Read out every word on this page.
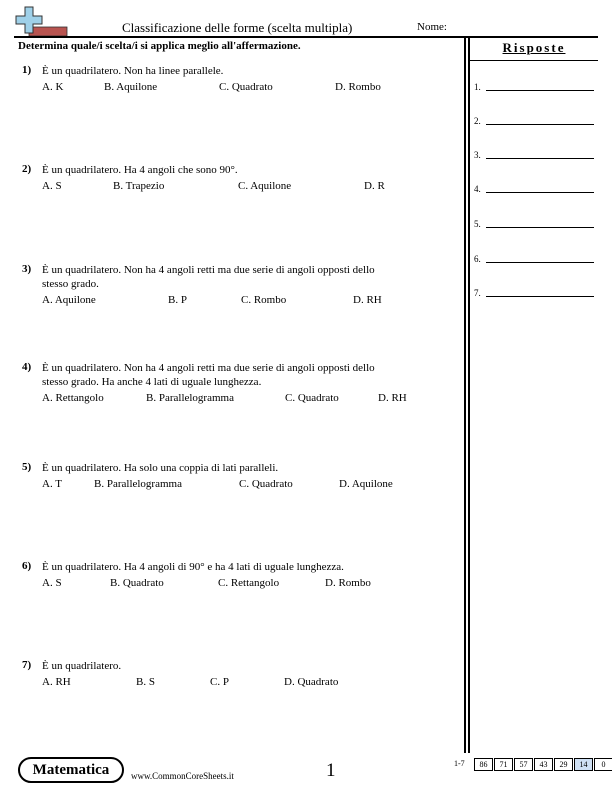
Classificazione delle forme (scelta multipla)	Nome:
Determina quale/i scelta/i si applica meglio all'affermazione.	Risposte
1.
2.
3.
4.
5.
6.
7.
1) È un quadrilatero. Non ha linee parallele.
A. K	B. Aquilone	C. Quadrato	D. Rombo
2) È un quadrilatero. Ha 4 angoli che sono 90°.
A. S	B. Trapezio	C. Aquilone	D. R
3) È un quadrilatero. Non ha 4 angoli retti ma due serie di angoli opposti dello
stesso grado.
A. Aquilone	B. P	C. Rombo	D. RH
4) È un quadrilatero. Non ha 4 angoli retti ma due serie di angoli opposti dello
stesso grado. Ha anche 4 lati di uguale lunghezza.
A. Rettangolo	B. Parallelogramma	C. Quadrato	D. RH
5) È un quadrilatero. Ha solo una coppia di lati paralleli.
A. T	B. Parallelogramma	C. Quadrato	D. Aquilone
6) È un quadrilatero. Ha 4 angoli di 90° e ha 4 lati di uguale lunghezza.
A. S	B. Quadrato	C. Rettangolo	D. Rombo
7) È un quadrilatero.
A. RH	B. S	C. P	D. Quadrato
Matematica	www.CommonCoreSheets.it	1	1-7	86	71	57	43	29	14	0
